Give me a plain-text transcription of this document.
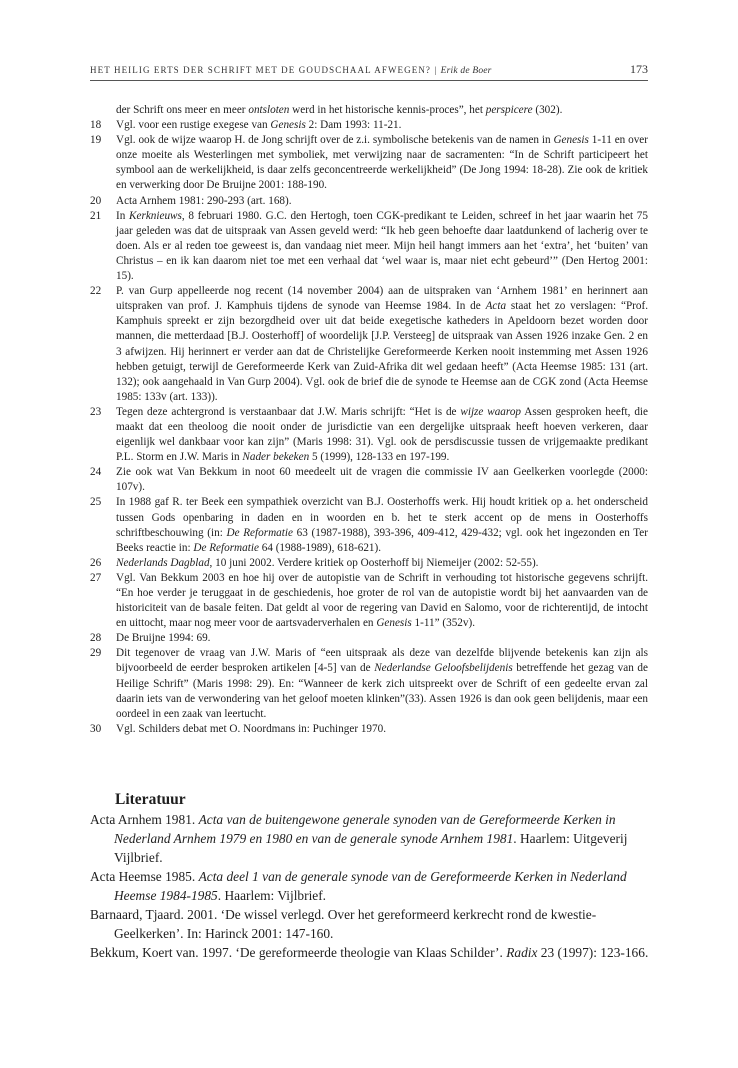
HET HEILIG ERTS DER SCHRIFT MET DE GOUDSCHAAL AFWEGEN? | Erik de Boer	173
der Schrift ons meer en meer ontsloten werd in het historische kennis-proces”, het perspicere (302).
18 Vgl. voor een rustige exegese van Genesis 2: Dam 1993: 11-21.
19 Vgl. ook de wijze waarop H. de Jong schrijft over de z.i. symbolische betekenis van de namen in Genesis 1-11 en over onze moeite als Westerlingen met symboliek, met verwijzing naar de sacramenten: “In de Schrift participeert het symbool aan de werkelijkheid, is daar zelfs geconcentreerde werkelijkheid” (De Jong 1994: 18-28). Zie ook de kritiek en verwerking door De Bruijne 2001: 188-190.
20 Acta Arnhem 1981: 290-293 (art. 168).
21 In Kerknieuws, 8 februari 1980. G.C. den Hertogh, toen CGK-predikant te Leiden, schreef in het jaar waarin het 75 jaar geleden was dat de uitspraak van Assen geveld werd: “Ik heb geen behoefte daar laatdunkend of lacherig over te doen. Als er al reden toe geweest is, dan vandaag niet meer. Mijn heil hangt immers aan het ‘extra’, het ‘buiten’ van Christus – en ik kan daarom niet toe met een verhaal dat ‘wel waar is, maar niet echt gebeurd’” (Den Hertog 2001: 15).
22 P. van Gurp appelleerde nog recent (14 november 2004) aan de uitspraken van ‘Arnhem 1981’ en herinnert aan uitspraken van prof. J. Kamphuis tijdens de synode van Heemse 1984. In de Acta staat het zo verslagen: “Prof. Kamphuis spreekt er zijn bezorgdheid over uit dat beide exegetische katheders in Apeldoorn bezet worden door mannen, die metterdaad [B.J. Oosterhoff] of woordelijk [J.P. Versteeg] de uitspraak van Assen 1926 inzake Gen. 2 en 3 afwijzen. Hij herinnert er verder aan dat de Christelijke Gereformeerde Kerken nooit instemming met Assen 1926 hebben getuigt, terwijl de Gereformeerde Kerk van Zuid-Afrika dit wel gedaan heeft” (Acta Heemse 1985: 131 (art. 132); ook aangehaald in Van Gurp 2004). Vgl. ook de brief die de synode te Heemse aan de CGK zond (Acta Heemse 1985: 133v (art. 133)).
23 Tegen deze achtergrond is verstaanbaar dat J.W. Maris schrijft: “Het is de wijze waarop Assen gesproken heeft, die maakt dat een theoloog die nooit onder de jurisdictie van een dergelijke uitspraak heeft hoeven verkeren, daar eigenlijk wel dankbaar voor kan zijn” (Maris 1998: 31). Vgl. ook de persdiscussie tussen de vrijgemaakte predikant P.L. Storm en J.W. Maris in Nader bekeken 5 (1999), 128-133 en 197-199.
24 Zie ook wat Van Bekkum in noot 60 meedeelt uit de vragen die commissie IV aan Geelkerken voorlegde (2000: 107v).
25 In 1988 gaf R. ter Beek een sympathiek overzicht van B.J. Oosterhoffs werk. Hij houdt kritiek op a. het onderscheid tussen Gods openbaring in daden en in woorden en b. het te sterk accent op de mens in Oosterhoffs schriftbeschouwing (in: De Reformatie 63 (1987-1988), 393-396, 409-412, 429-432; vgl. ook het ingezonden en Ter Beeks reactie in: De Reformatie 64 (1988-1989), 618-621).
26 Nederlands Dagblad, 10 juni 2002. Verdere kritiek op Oosterhoff bij Niemeijer (2002: 52-55).
27 Vgl. Van Bekkum 2003 en hoe hij over de autopistie van de Schrift in verhouding tot historische gegevens schrijft. “En hoe verder je teruggaat in de geschiedenis, hoe groter de rol van de autopistie wordt bij het aanvaarden van de historiciteit van de basale feiten. Dat geldt al voor de regering van David en Salomo, voor de richterentijd, de intocht en uittocht, maar nog meer voor de aartsvaderverhalen en Genesis 1-11” (352v).
28 De Bruijne 1994: 69.
29 Dit tegenover de vraag van J.W. Maris of “een uitspraak als deze van dezelfde blijvende betekenis kan zijn als bijvoorbeeld de eerder besproken artikelen [4-5] van de Nederlandse Geloofsbelijdenis betreffende het gezag van de Heilige Schrift” (Maris 1998: 29). En: “Wanneer de kerk zich uitspreekt over de Schrift of een gedeelte ervan zal daarin iets van de verwondering van het geloof moeten klinken”(33). Assen 1926 is dan ook geen belijdenis, maar een oordeel in een zaak van leertucht.
30 Vgl. Schilders debat met O. Noordmans in: Puchinger 1970.
Literatuur
Acta Arnhem 1981. Acta van de buitengewone generale synoden van de Gereformeerde Kerken in Nederland Arnhem 1979 en 1980 en van de generale synode Arnhem 1981. Haarlem: Uitgeverij Vijlbrief.
Acta Heemse 1985. Acta deel 1 van de generale synode van de Gereformeerde Kerken in Nederland Heemse 1984-1985. Haarlem: Vijlbrief.
Barnaard, Tjaard. 2001. ‘De wissel verlegd. Over het gereformeerd kerkrecht rond de kwestie-Geelkerken’. In: Harinck 2001: 147-160.
Bekkum, Koert van. 1997. ‘De gereformeerde theologie van Klaas Schilder’. Radix 23 (1997): 123-166.
